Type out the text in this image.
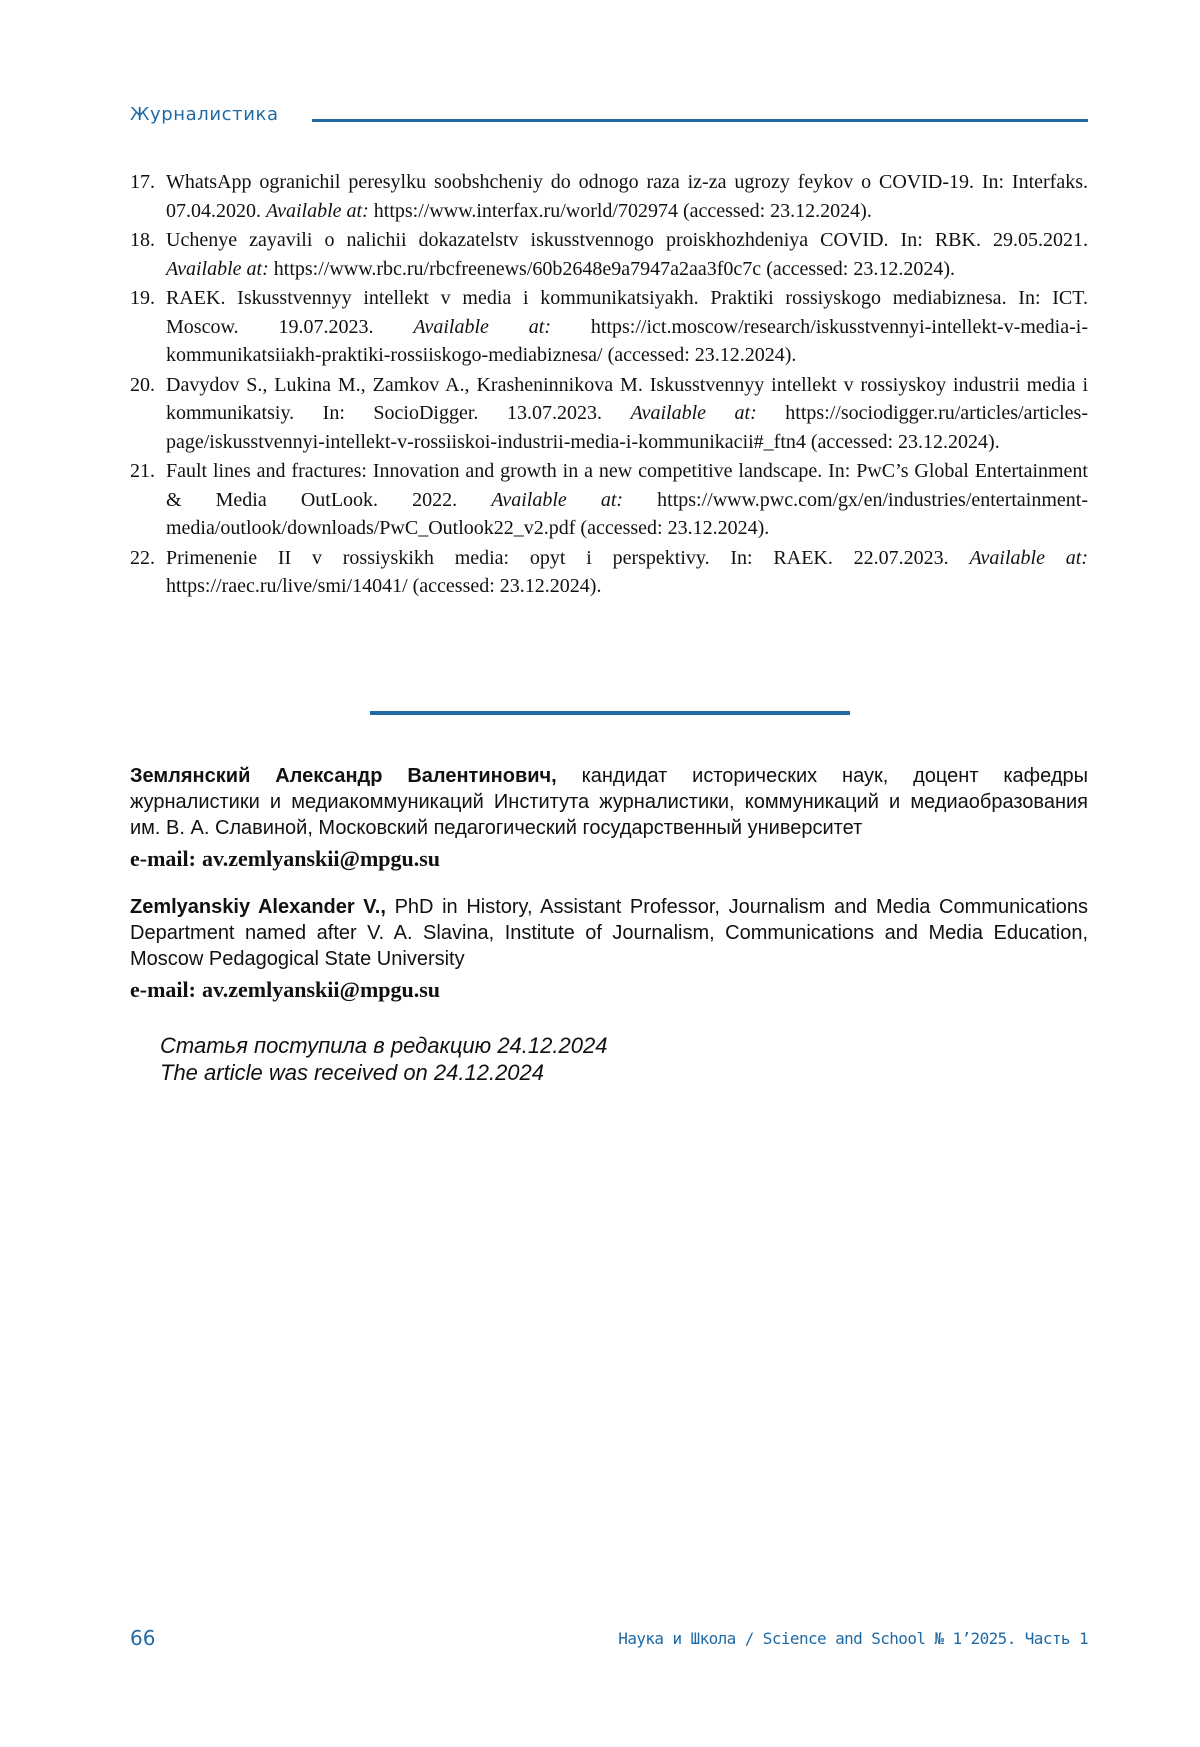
Журналистика
17. WhatsApp ogranichil peresylku soobshcheniy do odnogo raza iz-za ugrozy feykov o COVID-19. In: Interfaks. 07.04.2020. Available at: https://www.interfax.ru/world/702974 (accessed: 23.12.2024).
18. Uchenye zayavili o nalichii dokazatelstv iskusstvennogo proiskhozhdeniya COVID. In: RBK. 29.05.2021. Available at: https://www.rbc.ru/rbcfreenews/60b2648e9a7947a2aa3f0c7c (accessed: 23.12.2024).
19. RAEK. Iskusstvennyy intellekt v media i kommunikatsiyakh. Praktiki rossiyskogo mediabiznesa. In: ICT. Moscow. 19.07.2023. Available at: https://ict.moscow/research/iskusstvennyi-intellekt-v-media-i-kommunikatsiiakh-praktiki-rossiiskogo-mediabiznesa/ (accessed: 23.12.2024).
20. Davydov S., Lukina M., Zamkov A., Krasheninnikova M. Iskusstvennyy intellekt v rossiyskoy industrii media i kommunikatsiy. In: SocioDigger. 13.07.2023. Available at: https://sociodigger.ru/articles/articles-page/iskusstvennyi-intellekt-v-rossiiskoi-industrii-media-i-kommunikacii#_ftn4 (accessed: 23.12.2024).
21. Fault lines and fractures: Innovation and growth in a new competitive landscape. In: PwC’s Global Entertainment & Media OutLook. 2022. Available at: https://www.pwc.com/gx/en/industries/entertainment-media/outlook/downloads/PwC_Outlook22_v2.pdf (accessed: 23.12.2024).
22. Primenenie II v rossiyskikh media: opyt i perspektivy. In: RAEK. 22.07.2023. Available at: https://raec.ru/live/smi/14041/ (accessed: 23.12.2024).
Землянский Александр Валентинович, кандидат исторических наук, доцент кафедры журналистики и медиакоммуникаций Института журналистики, коммуникаций и медиаобразования им. В. А. Славиной, Московский педагогический государственный университет
e-mail: av.zemlyanskii@mpgu.su
Zemlyanskiy Alexander V., PhD in History, Assistant Professor, Journalism and Media Communications Department named after V. A. Slavina, Institute of Journalism, Communications and Media Education, Moscow Pedagogical State University
e-mail: av.zemlyanskii@mpgu.su
Статья поступила в редакцию 24.12.2024
The article was received on 24.12.2024
66	Наука и Школа / Science and School № 1’2025. Часть 1
